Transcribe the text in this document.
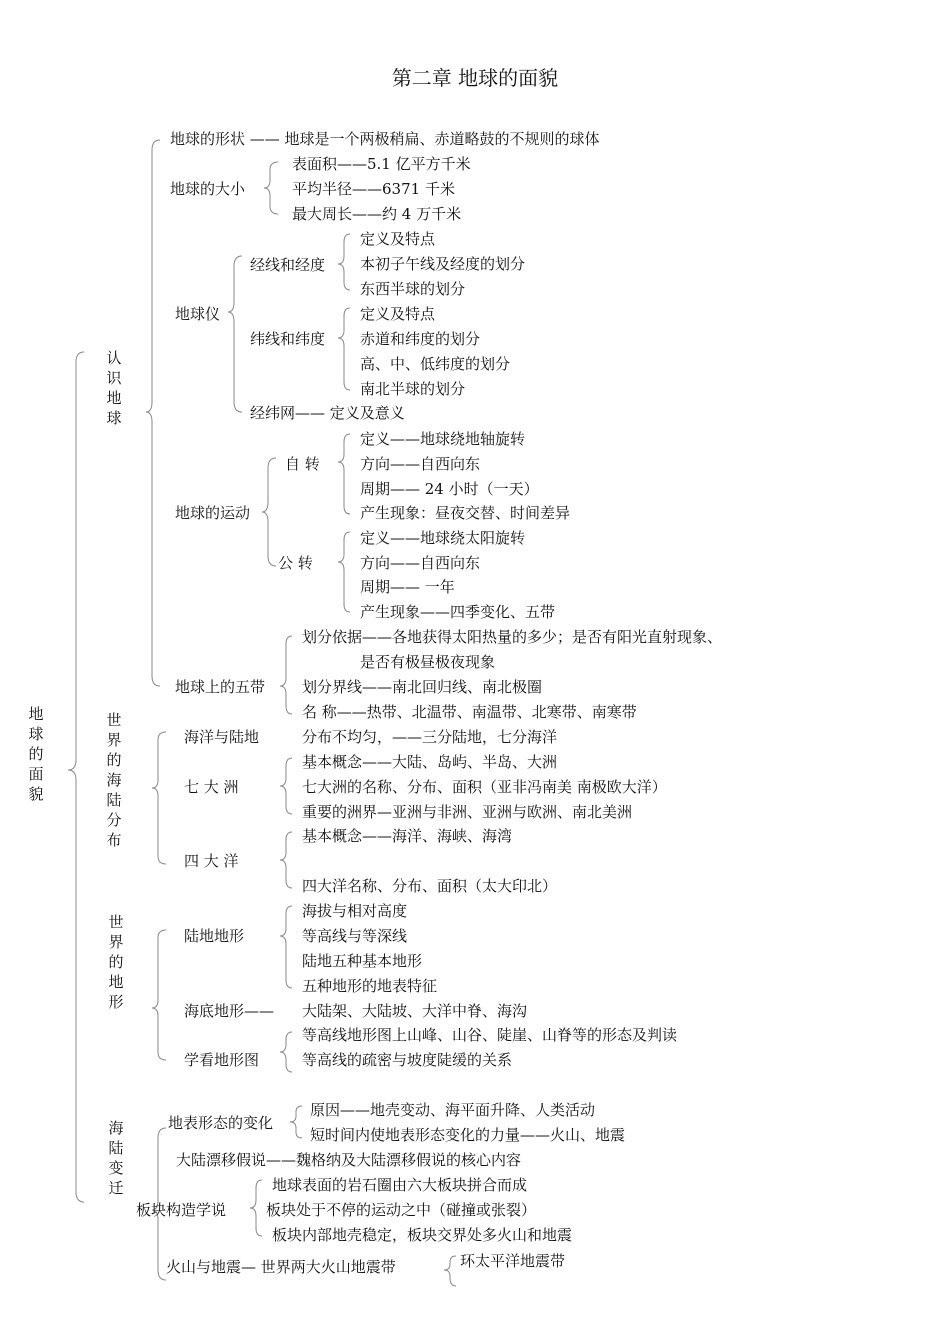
第二章 地球的面貌
地球的面貌
认识地球
世界的海陆分布
世界的地形
海陆变迁
地球的形状 —— 地球是一个两极稍扁、赤道略鼓的不规则的球体
地球的大小
表面积——5.1 亿平方千米
平均半径——6371 千米
最大周长——约 4 万千米
地球仪
经线和经度
定义及特点
本初子午线及经度的划分
东西半球的划分
纬线和纬度
定义及特点
赤道和纬度的划分
高、中、低纬度的划分
南北半球的划分
经纬网—— 定义及意义
地球的运动
自 转
定义——地球绕地轴旋转
方向——自西向东
周期—— 24 小时（一天）
产生现象：昼夜交替、时间差异
公 转
定义——地球绕太阳旋转
方向——自西向东
周期—— 一年
产生现象——四季变化、五带
地球上的五带
划分依据——各地获得太阳热量的多少；是否有阳光直射现象、
是否有极昼极夜现象
划分界线——南北回归线、南北极圈
名 称——热带、北温带、南温带、北寒带、南寒带
海洋与陆地	分布不均匀，——三分陆地，七分海洋
七 大 洲
基本概念——大陆、岛屿、半岛、大洲
七大洲的名称、分布、面积（亚非冯南美 南极欧大洋）
重要的洲界—亚洲与非洲、亚洲与欧洲、南北美洲
四 大 洋
基本概念——海洋、海峡、海湾
四大洋名称、分布、面积（太大印北）
陆地地形
海拔与相对高度
等高线与等深线
陆地五种基本地形
五种地形的地表特征
海底地形—— 大陆架、大陆坡、大洋中脊、海沟
学看地形图
等高线地形图上山峰、山谷、陡崖、山脊等的形态及判读
等高线的疏密与坡度陡缓的关系
地表形态的变化
原因——地壳变动、海平面升降、人类活动
短时间内使地表形态变化的力量——火山、地震
大陆漂移假说——魏格纳及大陆漂移假说的核心内容
板块构造学说
地球表面的岩石圈由六大板块拼合而成
板块处于不停的运动之中（碰撞或张裂）
板块内部地壳稳定，板块交界处多火山和地震
火山与地震— 世界两大火山地震带	环太平洋地震带
